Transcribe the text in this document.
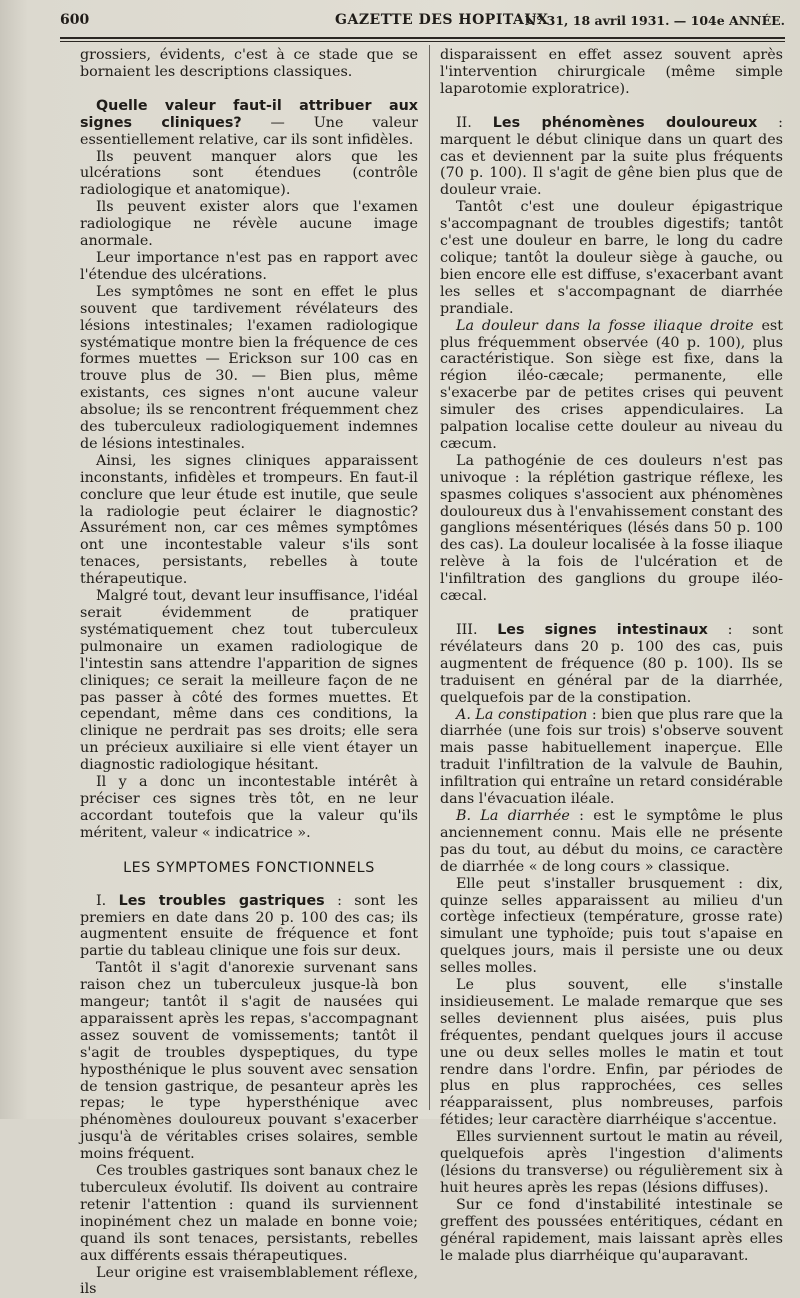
600	GAZETTE DES HOPITAUX
N° 31, 18 avril 1931. — 104e ANNÉE.

grossiers, évidents, c'est à ce stade que se bornaient les descriptions classiques.

Quelle valeur faut-il attribuer aux signes cliniques? — Une valeur essentiellement relative, car ils sont infidèles.

Ils peuvent manquer alors que les ulcérations sont étendues (contrôle radiologique et anatomique).

Ils peuvent exister alors que l'examen radiologique ne révèle aucune image anormale.

Leur importance n'est pas en rapport avec l'étendue des ulcérations.

Les symptômes ne sont en effet le plus souvent que tardivement révélateurs des lésions intestinales; l'examen radiologique systématique montre bien la fréquence de ces formes muettes — Erickson sur 100 cas en trouve plus de 30. — Bien plus, même existants, ces signes n'ont aucune valeur absolue; ils se rencontrent fréquemment chez des tuberculeux radiologiquement indemnes de lésions intestinales.

Ainsi, les signes cliniques apparaissent inconstants, infidèles et trompeurs. En faut-il conclure que leur étude est inutile, que seule la radiologie peut éclairer le diagnostic? Assurément non, car ces mêmes symptômes ont une incontestable valeur s'ils sont tenaces, persistants, rebelles à toute thérapeutique.

Malgré tout, devant leur insuffisance, l'idéal serait évidemment de pratiquer systématiquement chez tout tuberculeux pulmonaire un examen radiologique de l'intestin sans attendre l'apparition de signes cliniques; ce serait la meilleure façon de ne pas passer à côté des formes muettes. Et cependant, même dans ces conditions, la clinique ne perdrait pas ses droits; elle sera un précieux auxiliaire si elle vient étayer un diagnostic radiologique hésitant.

Il y a donc un incontestable intérêt à préciser ces signes très tôt, en ne leur accordant toutefois que la valeur qu'ils méritent, valeur « indicatrice ».

LES SYMPTOMES FONCTIONNELS

I. Les troubles gastriques : sont les premiers en date dans 20 p. 100 des cas; ils augmentent ensuite de fréquence et font partie du tableau clinique une fois sur deux.

Tantôt il s'agit d'anorexie survenant sans raison chez un tuberculeux jusque-là bon mangeur; tantôt il s'agit de nausées qui apparaissent après les repas, s'accompagnant assez souvent de vomissements; tantôt il s'agit de troubles dyspeptiques, du type hyposthénique le plus souvent avec sensation de tension gastrique, de pesanteur après les repas; le type hypersthénique avec phénomènes douloureux pouvant s'exacerber jusqu'à de véritables crises solaires, semble moins fréquent.

Ces troubles gastriques sont banaux chez le tuberculeux évolutif. Ils doivent au contraire retenir l'attention : quand ils surviennent inopinément chez un malade en bonne voie; quand ils sont tenaces, persistants, rebelles aux différents essais thérapeutiques.

Leur origine est vraisemblablement réflexe, ils

disparaissent en effet assez souvent après l'intervention chirurgicale (même simple laparotomie exploratrice).

II. Les phénomènes douloureux : marquent le début clinique dans un quart des cas et deviennent par la suite plus fréquents (70 p. 100). Il s'agit de gêne bien plus que de douleur vraie.

Tantôt c'est une douleur épigastrique s'accompagnant de troubles digestifs; tantôt c'est une douleur en barre, le long du cadre colique; tantôt la douleur siège à gauche, ou bien encore elle est diffuse, s'exacerbant avant les selles et s'accompagnant de diarrhée prandiale.

La douleur dans la fosse iliaque droite est plus fréquemment observée (40 p. 100), plus caractéristique. Son siège est fixe, dans la région iléo-cæcale; permanente, elle s'exacerbe par de petites crises qui peuvent simuler des crises appendiculaires. La palpation localise cette douleur au niveau du cæcum.

La pathogénie de ces douleurs n'est pas univoque : la réplétion gastrique réflexe, les spasmes coliques s'associent aux phénomènes douloureux dus à l'envahissement constant des ganglions mésentériques (lésés dans 50 p. 100 des cas). La douleur localisée à la fosse iliaque relève à la fois de l'ulcération et de l'infiltration des ganglions du groupe iléo-cæcal.

III. Les signes intestinaux : sont révélateurs dans 20 p. 100 des cas, puis augmentent de fréquence (80 p. 100). Ils se traduisent en général par de la diarrhée, quelquefois par de la constipation.

A. La constipation : bien que plus rare que la diarrhée (une fois sur trois) s'observe souvent mais passe habituellement inaperçue. Elle traduit l'infiltration de la valvule de Bauhin, infiltration qui entraîne un retard considérable dans l'évacuation iléale.

B. La diarrhée : est le symptôme le plus anciennement connu. Mais elle ne présente pas du tout, au début du moins, ce caractère de diarrhée « de long cours » classique.

Elle peut s'installer brusquement : dix, quinze selles apparaissent au milieu d'un cortège infectieux (température, grosse rate) simulant une typhoïde; puis tout s'apaise en quelques jours, mais il persiste une ou deux selles molles.

Le plus souvent, elle s'installe insidieusement. Le malade remarque que ses selles deviennent plus aisées, puis plus fréquentes, pendant quelques jours il accuse une ou deux selles molles le matin et tout rendre dans l'ordre. Enfin, par périodes de plus en plus rapprochées, ces selles réapparaissent, plus nombreuses, parfois fétides; leur caractère diarrhéique s'accentue.

Elles surviennent surtout le matin au réveil, quelquefois après l'ingestion d'aliments (lésions du transverse) ou régulièrement six à huit heures après les repas (lésions diffuses).

Sur ce fond d'instabilité intestinale se greffent des poussées entéritiques, cédant en général rapidement, mais laissant après elles le malade plus diarrhéique qu'auparavant.
